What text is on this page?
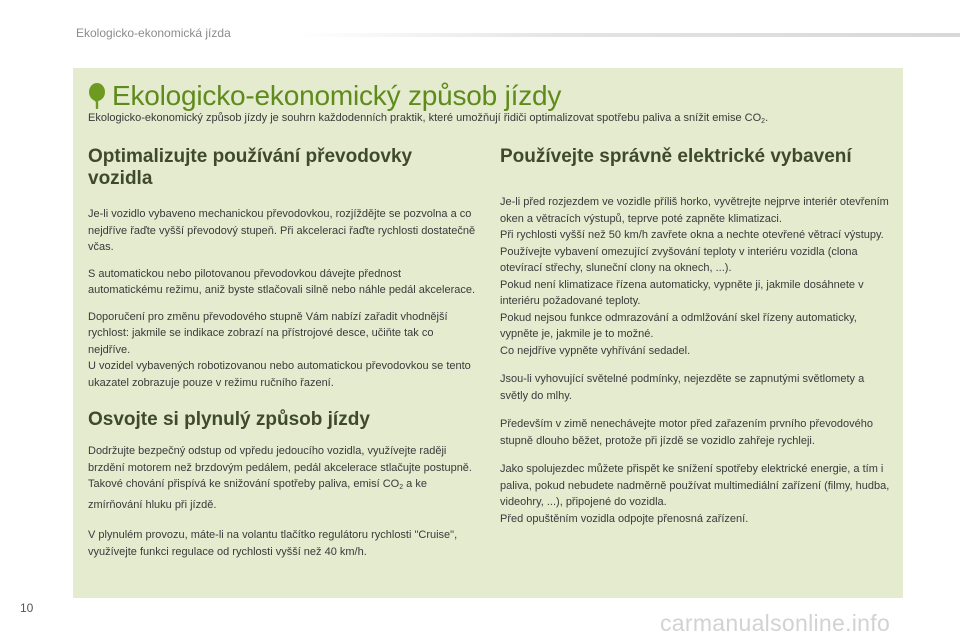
Ekologicko-ekonomická jízda
Ekologicko-ekonomický způsob jízdy
Ekologicko-ekonomický způsob jízdy je souhrn každodenních praktik, které umožňují řidiči optimalizovat spotřebu paliva a snížit emise $CO_2$.
Optimalizujte používání převodovky vozidla

Je-li vozidlo vybaveno mechanickou převodovkou, rozjíždějte se pozvolna a co nejdříve řaďte vyšší převodový stupeň. Při akceleraci řaďte rychlosti dostatečně včas.

S automatickou nebo pilotovanou převodovkou dávejte přednost automatickému režimu, aniž byste stlačovali silně nebo náhle pedál akcelerace.

Doporučení pro změnu převodového stupně Vám nabízí zařadit vhodnější rychlost: jakmile se indikace zobrazí na přístrojové desce, učiňte tak co nejdříve.

U vozidel vybavených robotizovanou nebo automatickou převodovkou se tento ukazatel zobrazuje pouze v režimu ručního řazení.

Osvojte si plynulý způsob jízdy

Dodržujte bezpečný odstup od vpředu jedoucího vozidla, využívejte raději brzdění motorem než brzdovým pedálem, pedál akcelerace stlačujte postupně. Takové chování přispívá ke snižování spotřeby paliva, emisí $CO_2$ a ke zmírňování hluku při jízdě.

V plynulém provozu, máte-li na volantu tlačítko regulátoru rychlosti "Cruise", využívejte funkci regulace od rychlosti vyšší než 40 km/h.

Používejte správně elektrické vybavení

Je-li před rozjezdem ve vozidle příliš horko, vyvětrejte nejprve interiér otevřením oken a větracích výstupů, teprve poté zapněte klimatizaci.

Při rychlosti vyšší než 50 km/h zavřete okna a nechte otevřené větrací výstupy.

Používejte vybavení omezující zvyšování teploty v interiéru vozidla (clona otevírací střechy, sluneční clony na oknech, ...).

Pokud není klimatizace řízena automaticky, vypněte ji, jakmile dosáhnete v interiéru požadované teploty.

Pokud nejsou funkce odmrazování a odmlžování skel řízeny automaticky, vypněte je, jakmile je to možné.

Co nejdříve vypněte vyhřívání sedadel.

Jsou-li vyhovující světelné podmínky, nejezděte se zapnutými světlomety a světly do mlhy.

Především v zimě nenechávejte motor před zařazením prvního převodového stupně dlouho běžet, protože při jízdě se vozidlo zahřeje rychleji.

Jako spolujezdec můžete přispět ke snížení spotřeby elektrické energie, a tím i paliva, pokud nebudete nadměrně používat multimediální zařízení (filmy, hudba, videohry, ...), připojené do vozidla.

Před opuštěním vozidla odpojte přenosná zařízení.

10
carmanualsonline.info
